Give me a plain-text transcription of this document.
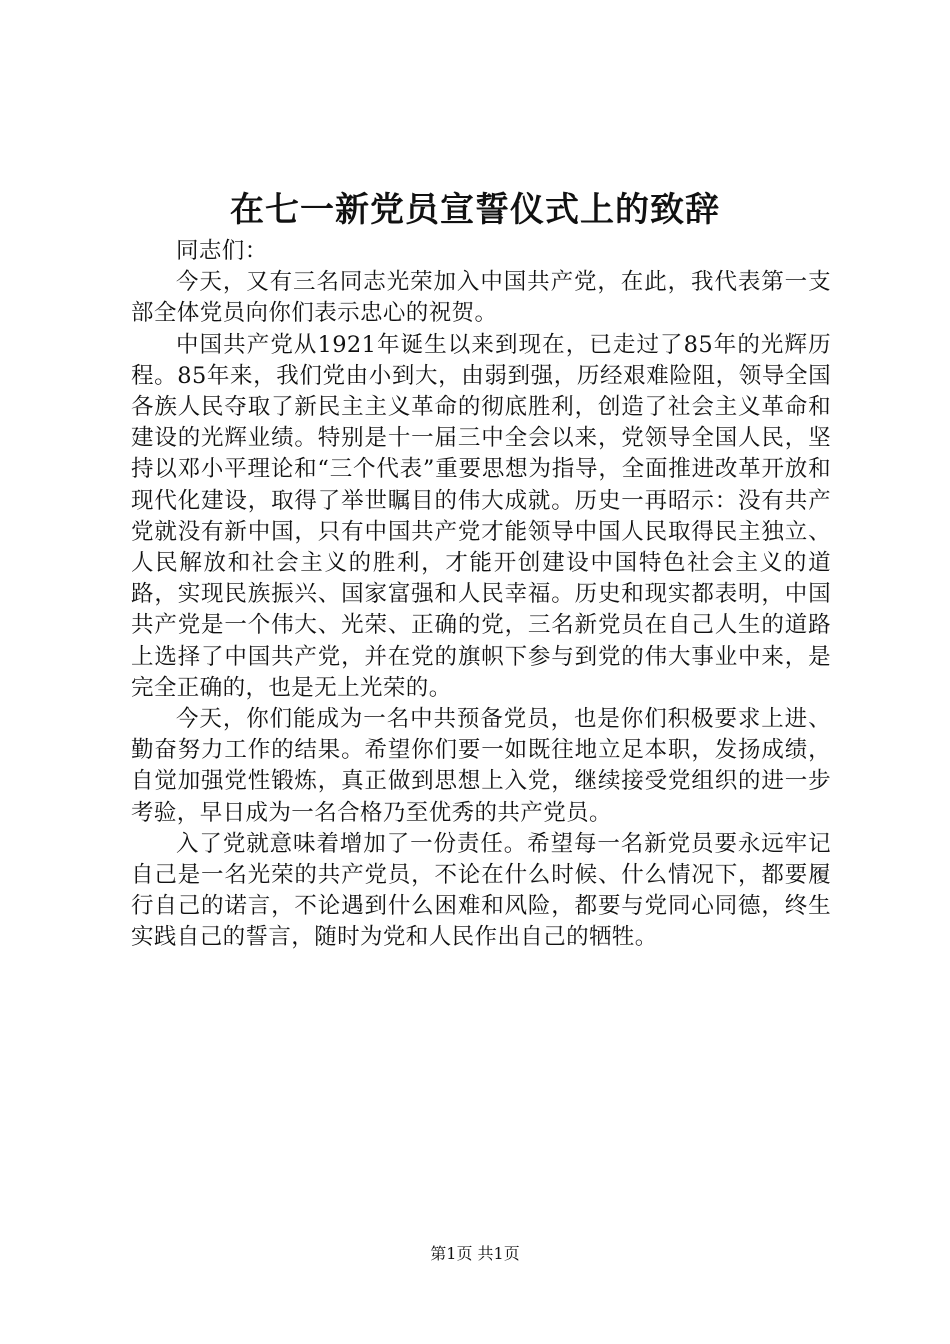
在七一新党员宣誓仪式上的致辞

同志们：

今天，又有三名同志光荣加入中国共产党，在此，我代表第一支部全体党员向你们表示忠心的祝贺。

中国共产党从1921年诞生以来到现在，已走过了85年的光辉历程。85年来，我们党由小到大，由弱到强，历经艰难险阻，领导全国各族人民夺取了新民主主义革命的彻底胜利，创造了社会主义革命和建设的光辉业绩。特别是十一届三中全会以来，党领导全国人民，坚持以邓小平理论和“三个代表”重要思想为指导，全面推进改革开放和现代化建设，取得了举世瞩目的伟大成就。历史一再昭示：没有共产党就没有新中国，只有中国共产党才能领导中国人民取得民主独立、人民解放和社会主义的胜利，才能开创建设中国特色社会主义的道路，实现民族振兴、国家富强和人民幸福。历史和现实都表明，中国共产党是一个伟大、光荣、正确的党，三名新党员在自己人生的道路上选择了中国共产党，并在党的旗帜下参与到党的伟大事业中来，是完全正确的，也是无上光荣的。

今天，你们能成为一名中共预备党员，也是你们积极要求上进、勤奋努力工作的结果。希望你们要一如既往地立足本职，发扬成绩，自觉加强党性锻炼，真正做到思想上入党，继续接受党组织的进一步考验，早日成为一名合格乃至优秀的共产党员。

入了党就意味着增加了一份责任。希望每一名新党员要永远牢记自己是一名光荣的共产党员，不论在什么时候、什么情况下，都要履行自己的诺言，不论遇到什么困难和风险，都要与党同心同德，终生实践自己的誓言，随时为党和人民作出自己的牺牲。

第1页 共1页
